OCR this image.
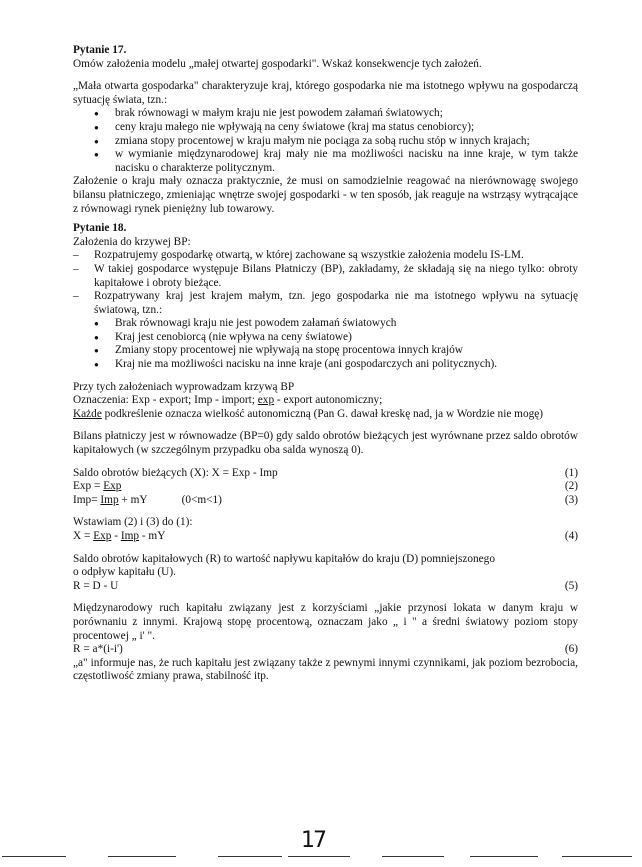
Pytanie 17.

Omów założenia modelu „małej otwartej gospodarki". Wskaż konsekwencje tych założeń.

„Mała otwarta gospodarka" charakteryzuje kraj, którego gospodarka nie ma istotnego wpływu na gospodarczą sytuację świata, tzn.:

● brak równowagi w małym kraju nie jest powodem załamań światowych;
● ceny kraju małego nie wpływają na ceny światowe (kraj ma status cenobiorcy);
● zmiana stopy procentowej w kraju małym nie pociąga za sobą ruchu stóp w innych krajach;
● w wymianie międzynarodowej kraj mały nie ma możliwości nacisku na inne kraje, w tym także nacisku o charakterze politycznym.

Założenie o kraju mały oznacza praktycznie, że musi on samodzielnie reagować na nierównowagę swojego bilansu płatniczego, zmieniając wnętrze swojej gospodarki - w ten sposób, jak reaguje na wstrząsy wytrącające z równowagi rynek pieniężny lub towarowy.

Pytanie 18.

Założenia do krzywej BP:

– Rozpatrujemy gospodarkę otwartą, w której zachowane są wszystkie założenia modelu IS-LM.
– W takiej gospodarce występuje Bilans Płatniczy (BP), zakładamy, że składają się na niego tylko: obroty kapitałowe i obroty bieżące.
– Rozpatrywany kraj jest krajem małym, tzn. jego gospodarka nie ma istotnego wpływu na sytuację światową, tzn.:
● Brak równowagi kraju nie jest powodem załamań światowych
● Kraj jest cenobiorcą (nie wpływa na ceny światowe)
● Zmiany stopy procentowej nie wpływają na stopę procentowa innych krajów
● Kraj nie ma możliwości nacisku na inne kraje (ani gospodarczych ani politycznych).

Przy tych założeniach wyprowadzam krzywą BP

Oznaczenia: Exp - export; Imp - import; exp - export autonomiczny;

Każde podkreślenie oznacza wielkość autonomiczną (Pan G. dawał kreskę nad, ja w Wordzie nie mogę)

Bilans płatniczy jest w równowadze (BP=0) gdy saldo obrotów bieżących jest wyrównane przez saldo obrotów kapitałowych (w szczególnym przypadku oba salda wynoszą 0).

Saldo obrotów bieżących (X): X = Exp - Imp	(1)

Exp = Exp	(2)

Imp= Imp + mY	(0<m<1)	(3)

Wstawiam (2) i (3) do (1):

X = Exp - Imp - mY	(4)

Saldo obrotów kapitałowych (R) to wartość napływu kapitałów do kraju (D) pomniejszonego

o odpływ kapitału (U).

R = D - U	(5)

Międzynarodowy ruch kapitału związany jest z korzyściami „jakie przynosi lokata w danym kraju w porównaniu z innymi. Krajową stopę procentową, oznaczam jako „ i " a średni światowy poziom stopy procentowej „ i' ".

R = a*(i-i')	(6)

„a" informuje nas, że ruch kapitału jest związany także z pewnymi innymi czynnikami, jak poziom bezrobocia, częstotliwość zmiany prawa, stabilność itp.

17
